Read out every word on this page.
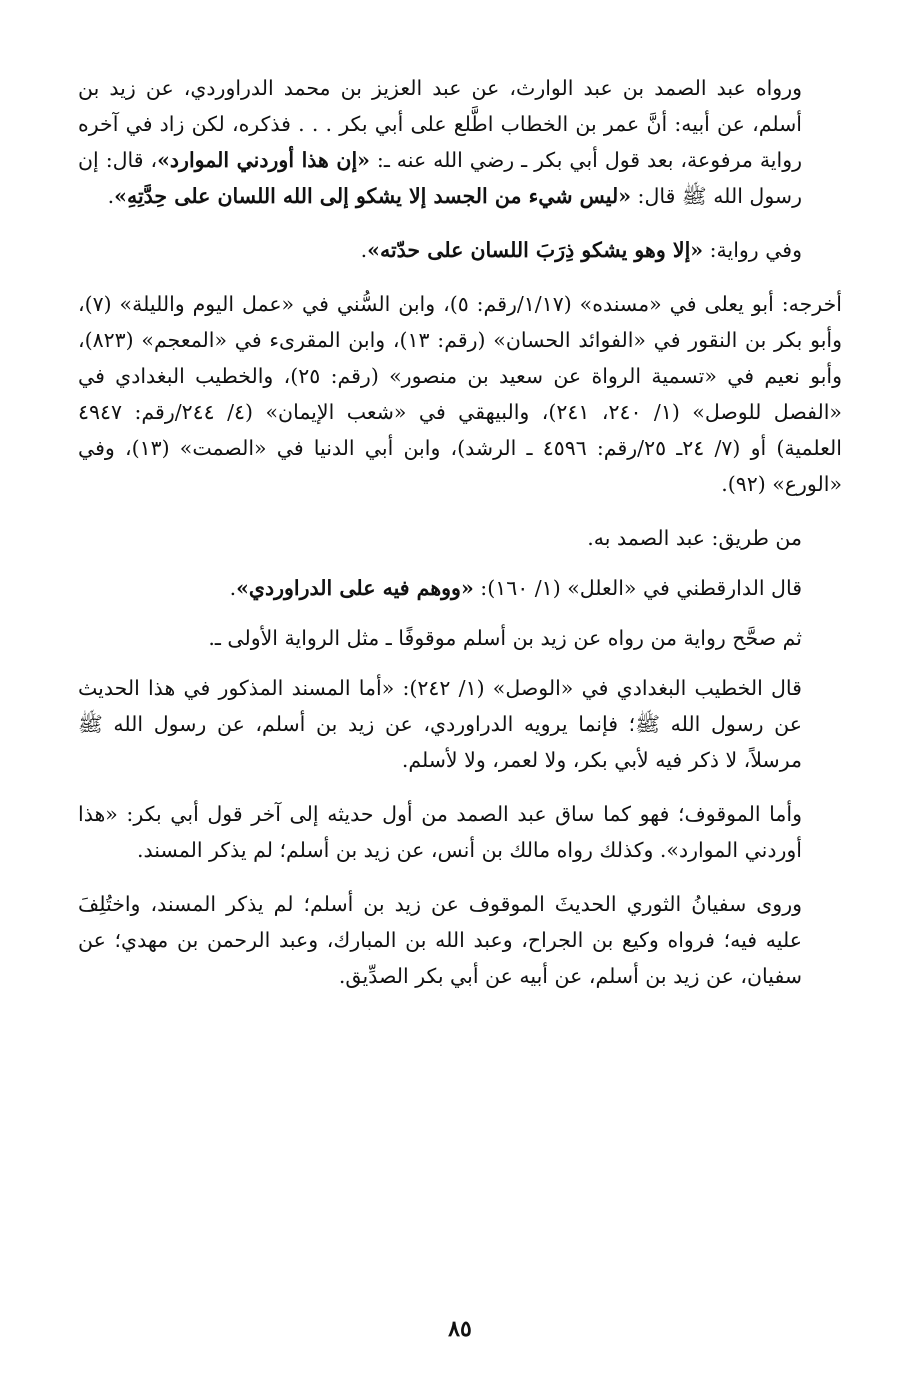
ورواه عبد الصمد بن عبد الوارث، عن عبد العزيز بن محمد الدراوردي، عن زيد بن أسلم، عن أبيه: أنَّ عمر بن الخطاب اطَّلع على أبي بكر . . . فذكره، لكن زاد في آخره رواية مرفوعة، بعد قول أبي بكر ـ رضي الله عنه ـ: «إن هذا أوردني الموارد»، قال: إن رسول الله ﷺ قال: «ليس شيء من الجسد إلا يشكو إلى الله اللسان على حِدَّتِهِ».

وفي رواية: «إلا وهو يشكو ذِرَبَ اللسان على حدّته».

أخرجه: أبو يعلى في «مسنده» (١/١٧/رقم: ٥)، وابن السُّني في «عمل اليوم والليلة» (٧)، وأبو بكر بن النقور في «الفوائد الحسان» (رقم: ١٣)، وابن المقرىء في «المعجم» (٨٢٣)، وأبو نعيم في «تسمية الرواة عن سعيد بن منصور» (رقم: ٢٥)، والخطيب البغدادي في «الفصل للوصل» (١/ ٢٤٠، ٢٤١)، والبيهقي في «شعب الإيمان» (٤/ ٢٤٤/رقم: ٤٩٤٧ العلمية) أو (٧/ ٢٤ـ ٢٥/رقم: ٤٥٩٦ ـ الرشد)، وابن أبي الدنيا في «الصمت» (١٣)، وفي «الورع» (٩٢).

من طريق: عبد الصمد به.

قال الدارقطني في «العلل» (١/ ١٦٠): «ووهم فيه على الدراوردي».

ثم صحَّح رواية من رواه عن زيد بن أسلم موقوفًا ـ مثل الرواية الأولى ـ.

قال الخطيب البغدادي في «الوصل» (١/ ٢٤٢): «أما المسند المذكور في هذا الحديث عن رسول الله ﷺ؛ فإنما يرويه الدراوردي، عن زيد بن أسلم، عن رسول الله ﷺ مرسلاً، لا ذكر فيه لأبي بكر، ولا لعمر، ولا لأسلم.

وأما الموقوف؛ فهو كما ساق عبد الصمد من أول حديثه إلى آخر قول أبي بكر: «هذا أوردني الموارد». وكذلك رواه مالك بن أنس، عن زيد بن أسلم؛ لم يذكر المسند.

وروى سفيانُ الثوري الحديثَ الموقوف عن زيد بن أسلم؛ لم يذكر المسند، واختُلِفَ عليه فيه؛ فرواه وكيع بن الجراح، وعبد الله بن المبارك، وعبد الرحمن بن مهدي؛ عن سفيان، عن زيد بن أسلم، عن أبيه عن أبي بكر الصدِّيق.

٨٥
